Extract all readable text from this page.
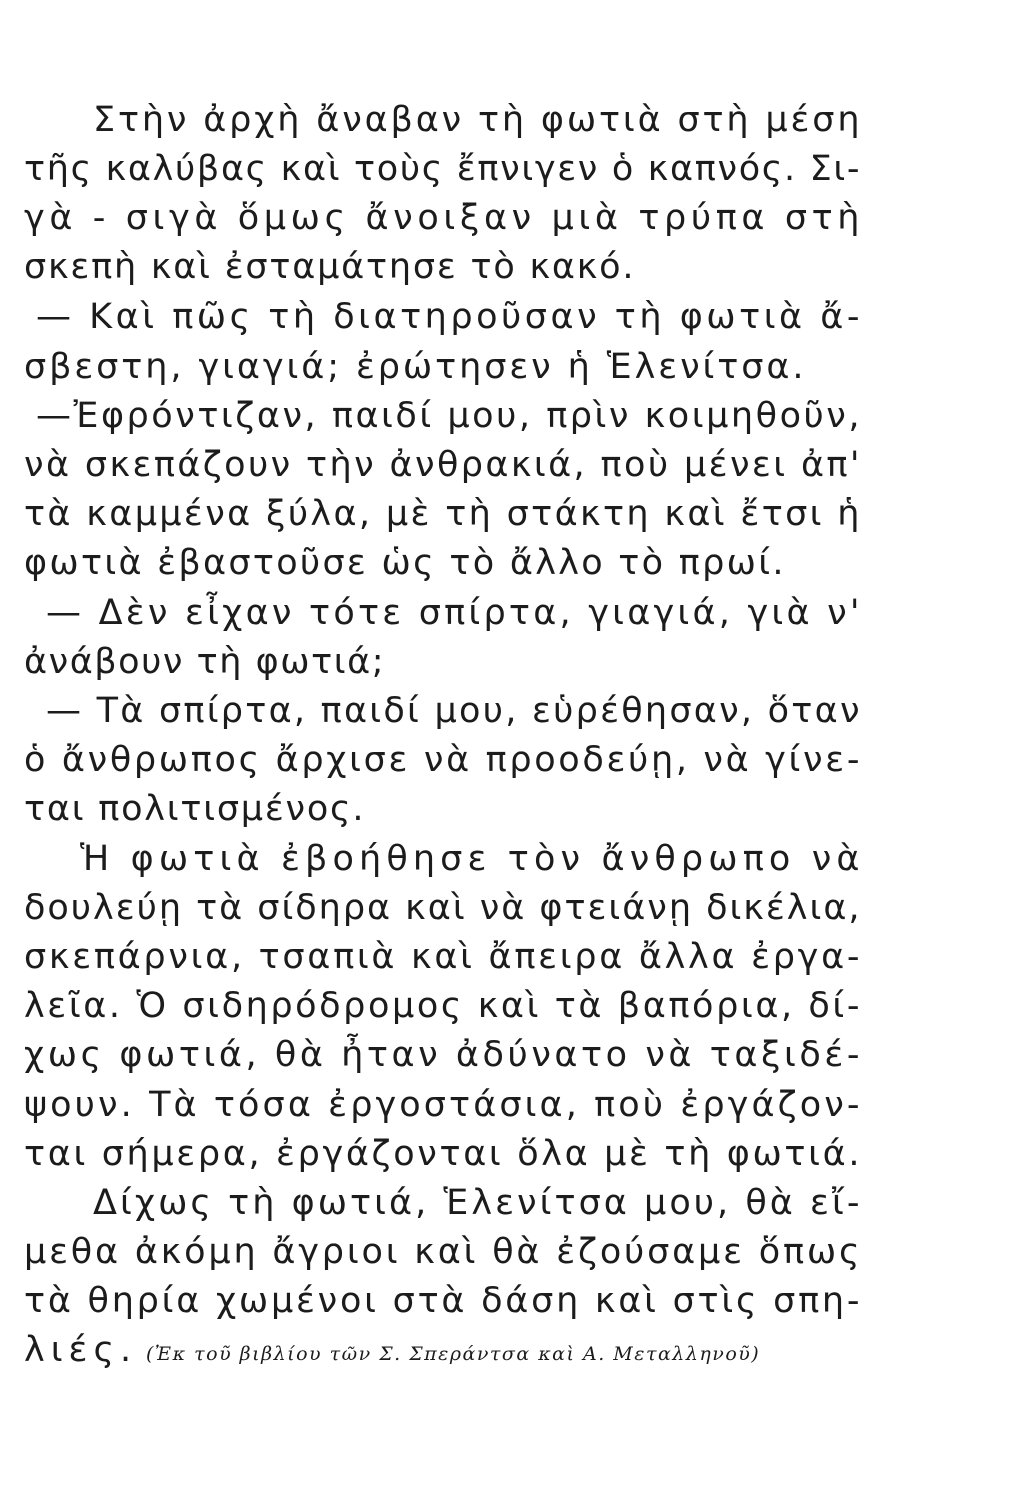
Στὴν ἀρχὴ ἄναβαν τὴ φωτιὰ στὴ μέση
τῆς καλύβας καὶ τοὺς ἔπνιγεν ὁ καπνός. Σι-
γὰ - σιγὰ ὅμως ἄνοιξαν μιὰ τρύπα στὴ
σκεπὴ καὶ ἐσταμάτησε τὸ κακό.
— Καὶ πῶς τὴ διατηροῦσαν τὴ φωτιὰ ἄ-
σβεστη, γιαγιά; ἐρώτησεν ἡ Ἑλενίτσα.
—Ἐφρόντιζαν, παιδί μου, πρὶν κοιμηθοῦν,
νὰ σκεπάζουν τὴν ἀνθρακιά, ποὺ μένει ἀπ'
τὰ καμμένα ξύλα, μὲ τὴ στάκτη καὶ ἔτσι ἡ
φωτιὰ ἐβαστοῦσε ὡς τὸ ἄλλο τὸ πρωί.
— Δὲν εἶχαν τότε σπίρτα, γιαγιά, γιὰ ν'
ἀνάβουν τὴ φωτιά;
— Τὰ σπίρτα, παιδί μου, εὑρέθησαν, ὅταν
ὁ ἄνθρωπος ἄρχισε νὰ προοδεύῃ, νὰ γίνε-
ται πολιτισμένος.
Ἡ φωτιὰ ἐβοήθησε τὸν ἄνθρωπο νὰ
δουλεύῃ τὰ σίδηρα καὶ νὰ φτειάνῃ δικέλια,
σκεπάρνια, τσαπιὰ καὶ ἄπειρα ἄλλα ἐργα-
λεῖα. Ὁ σιδηρόδρομος καὶ τὰ βαπόρια, δί-
χως φωτιά, θὰ ἦταν ἀδύνατο νὰ ταξιδέ-
ψουν. Τὰ τόσα ἐργοστάσια, ποὺ ἐργάζον-
ται σήμερα, ἐργάζονται ὅλα μὲ τὴ φωτιά.
Δίχως τὴ φωτιά, Ἑλενίτσα μου, θὰ εἴ-
μεθα ἀκόμη ἄγριοι καὶ θὰ ἐζούσαμε ὅπως
τὰ θηρία χωμένοι στὰ δάση καὶ στὶς σπη-
λιές. (Ἐκ τοῦ βιβλίου τῶν Σ. Σπεράντσα καὶ Α. Μεταλληνοῦ)
